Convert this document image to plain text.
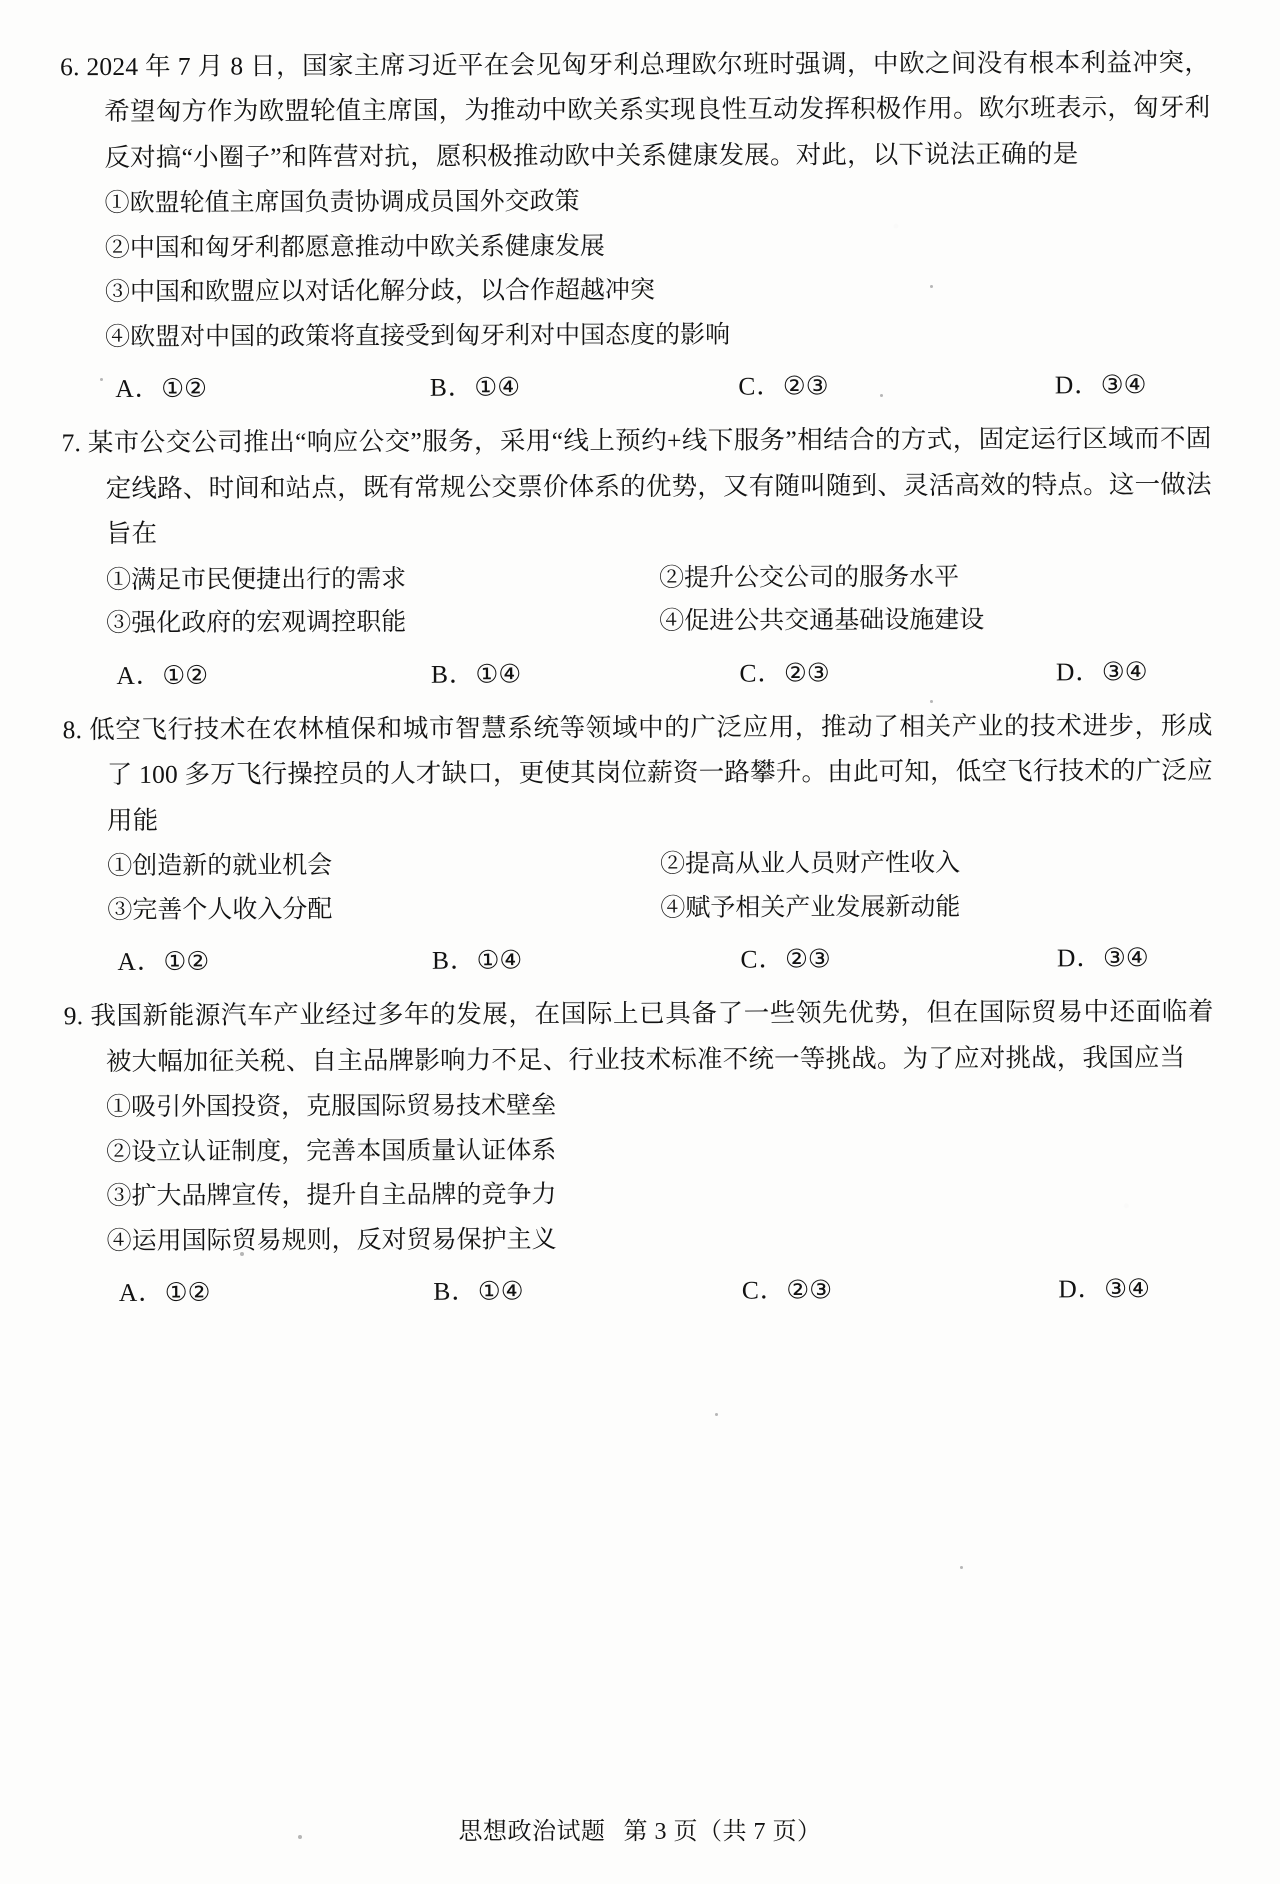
6. 2024 年 7 月 8 日，国家主席习近平在会见匈牙利总理欧尔班时强调，中欧之间没有根本利益冲突，希望匈方作为欧盟轮值主席国，为推动中欧关系实现良性互动发挥积极作用。欧尔班表示，匈牙利反对搞“小圈子”和阵营对抗，愿积极推动欧中关系健康发展。对此，以下说法正确的是

①欧盟轮值主席国负责协调成员国外交政策

②中国和匈牙利都愿意推动中欧关系健康发展

③中国和欧盟应以对话化解分歧，以合作超越冲突

④欧盟对中国的政策将直接受到匈牙利对中国态度的影响

A．①②	B．①④	C．②③	D．③④

7. 某市公交公司推出“响应公交”服务，采用“线上预约+线下服务”相结合的方式，固定运行区域而不固定线路、时间和站点，既有常规公交票价体系的优势，又有随叫随到、灵活高效的特点。这一做法旨在

①满足市民便捷出行的需求	②提升公交公司的服务水平
③强化政府的宏观调控职能	④促进公共交通基础设施建设
A．①②	B．①④	C．②③	D．③④

8. 低空飞行技术在农林植保和城市智慧系统等领域中的广泛应用，推动了相关产业的技术进步，形成了 100 多万飞行操控员的人才缺口，更使其岗位薪资一路攀升。由此可知，低空飞行技术的广泛应用能

①创造新的就业机会	②提高从业人员财产性收入
③完善个人收入分配	④赋予相关产业发展新动能
A．①②	B．①④	C．②③	D．③④

9. 我国新能源汽车产业经过多年的发展，在国际上已具备了一些领先优势，但在国际贸易中还面临着被大幅加征关税、自主品牌影响力不足、行业技术标准不统一等挑战。为了应对挑战，我国应当

①吸引外国投资，克服国际贸易技术壁垒

②设立认证制度，完善本国质量认证体系

③扩大品牌宣传，提升自主品牌的竞争力

④运用国际贸易规则，反对贸易保护主义

A．①②	B．①④	C．②③	D．③④
思想政治试题 第 3 页（共 7 页）
